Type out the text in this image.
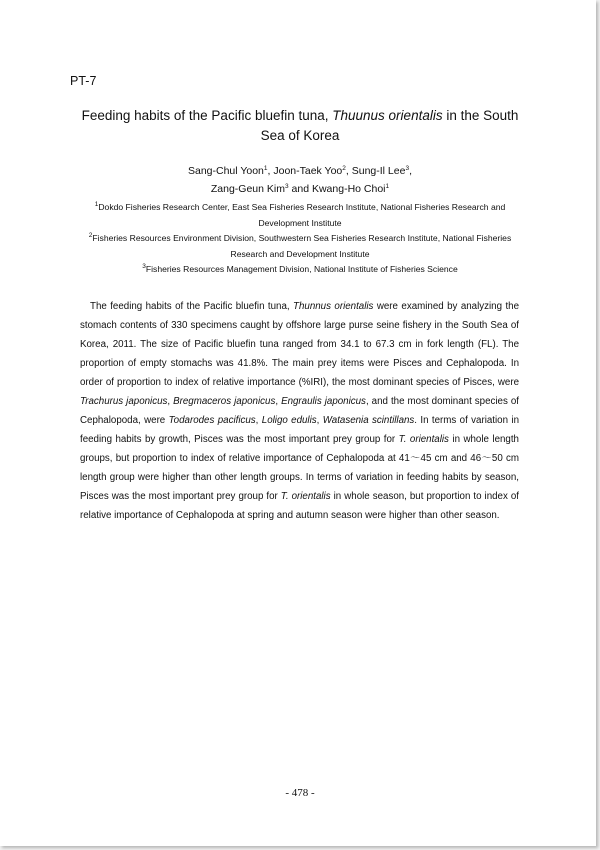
PT-7
Feeding habits of the Pacific bluefin tuna, Thuunus orientalis in the South Sea of Korea
Sang-Chul Yoon$^1$, Joon-Taek Yoo$^2$, Sung-Il Lee$^3$,
Zang-Geun Kim$^3$ and Kwang-Ho Choi$^1$

$^1$Dokdo Fisheries Research Center, East Sea Fisheries Research Institute, National Fisheries Research and Development Institute

$^2$Fisheries Resources Environment Division, Southwestern Sea Fisheries Research Institute, National Fisheries Research and Development Institute

$^3$Fisheries Resources Management Division, National Institute of Fisheries Science

The feeding habits of the Pacific bluefin tuna, Thunnus orientalis were examined by analyzing the stomach contents of 330 specimens caught by offshore large purse seine fishery in the South Sea of Korea, 2011. The size of Pacific bluefin tuna ranged from 34.1 to 67.3 cm in fork length (FL). The proportion of empty stomachs was 41.8%. The main prey items were Pisces and Cephalopoda. In order of proportion to index of relative importance (%IRI), the most dominant species of Pisces, were Trachurus japonicus, Bregmaceros japonicus, Engraulis japonicus, and the most dominant species of Cephalopoda, were Todarodes pacificus, Loligo edulis, Watasenia scintillans. In terms of variation in feeding habits by growth, Pisces was the most important prey group for T. orientalis in whole length groups, but proportion to index of relative importance of Cephalopoda at 41～45 cm and 46～50 cm length group were higher than other length groups. In terms of variation in feeding habits by season, Pisces was the most important prey group for T. orientalis in whole season, but proportion to index of relative importance of Cephalopoda at spring and autumn season were higher than other season.

- 478 -
